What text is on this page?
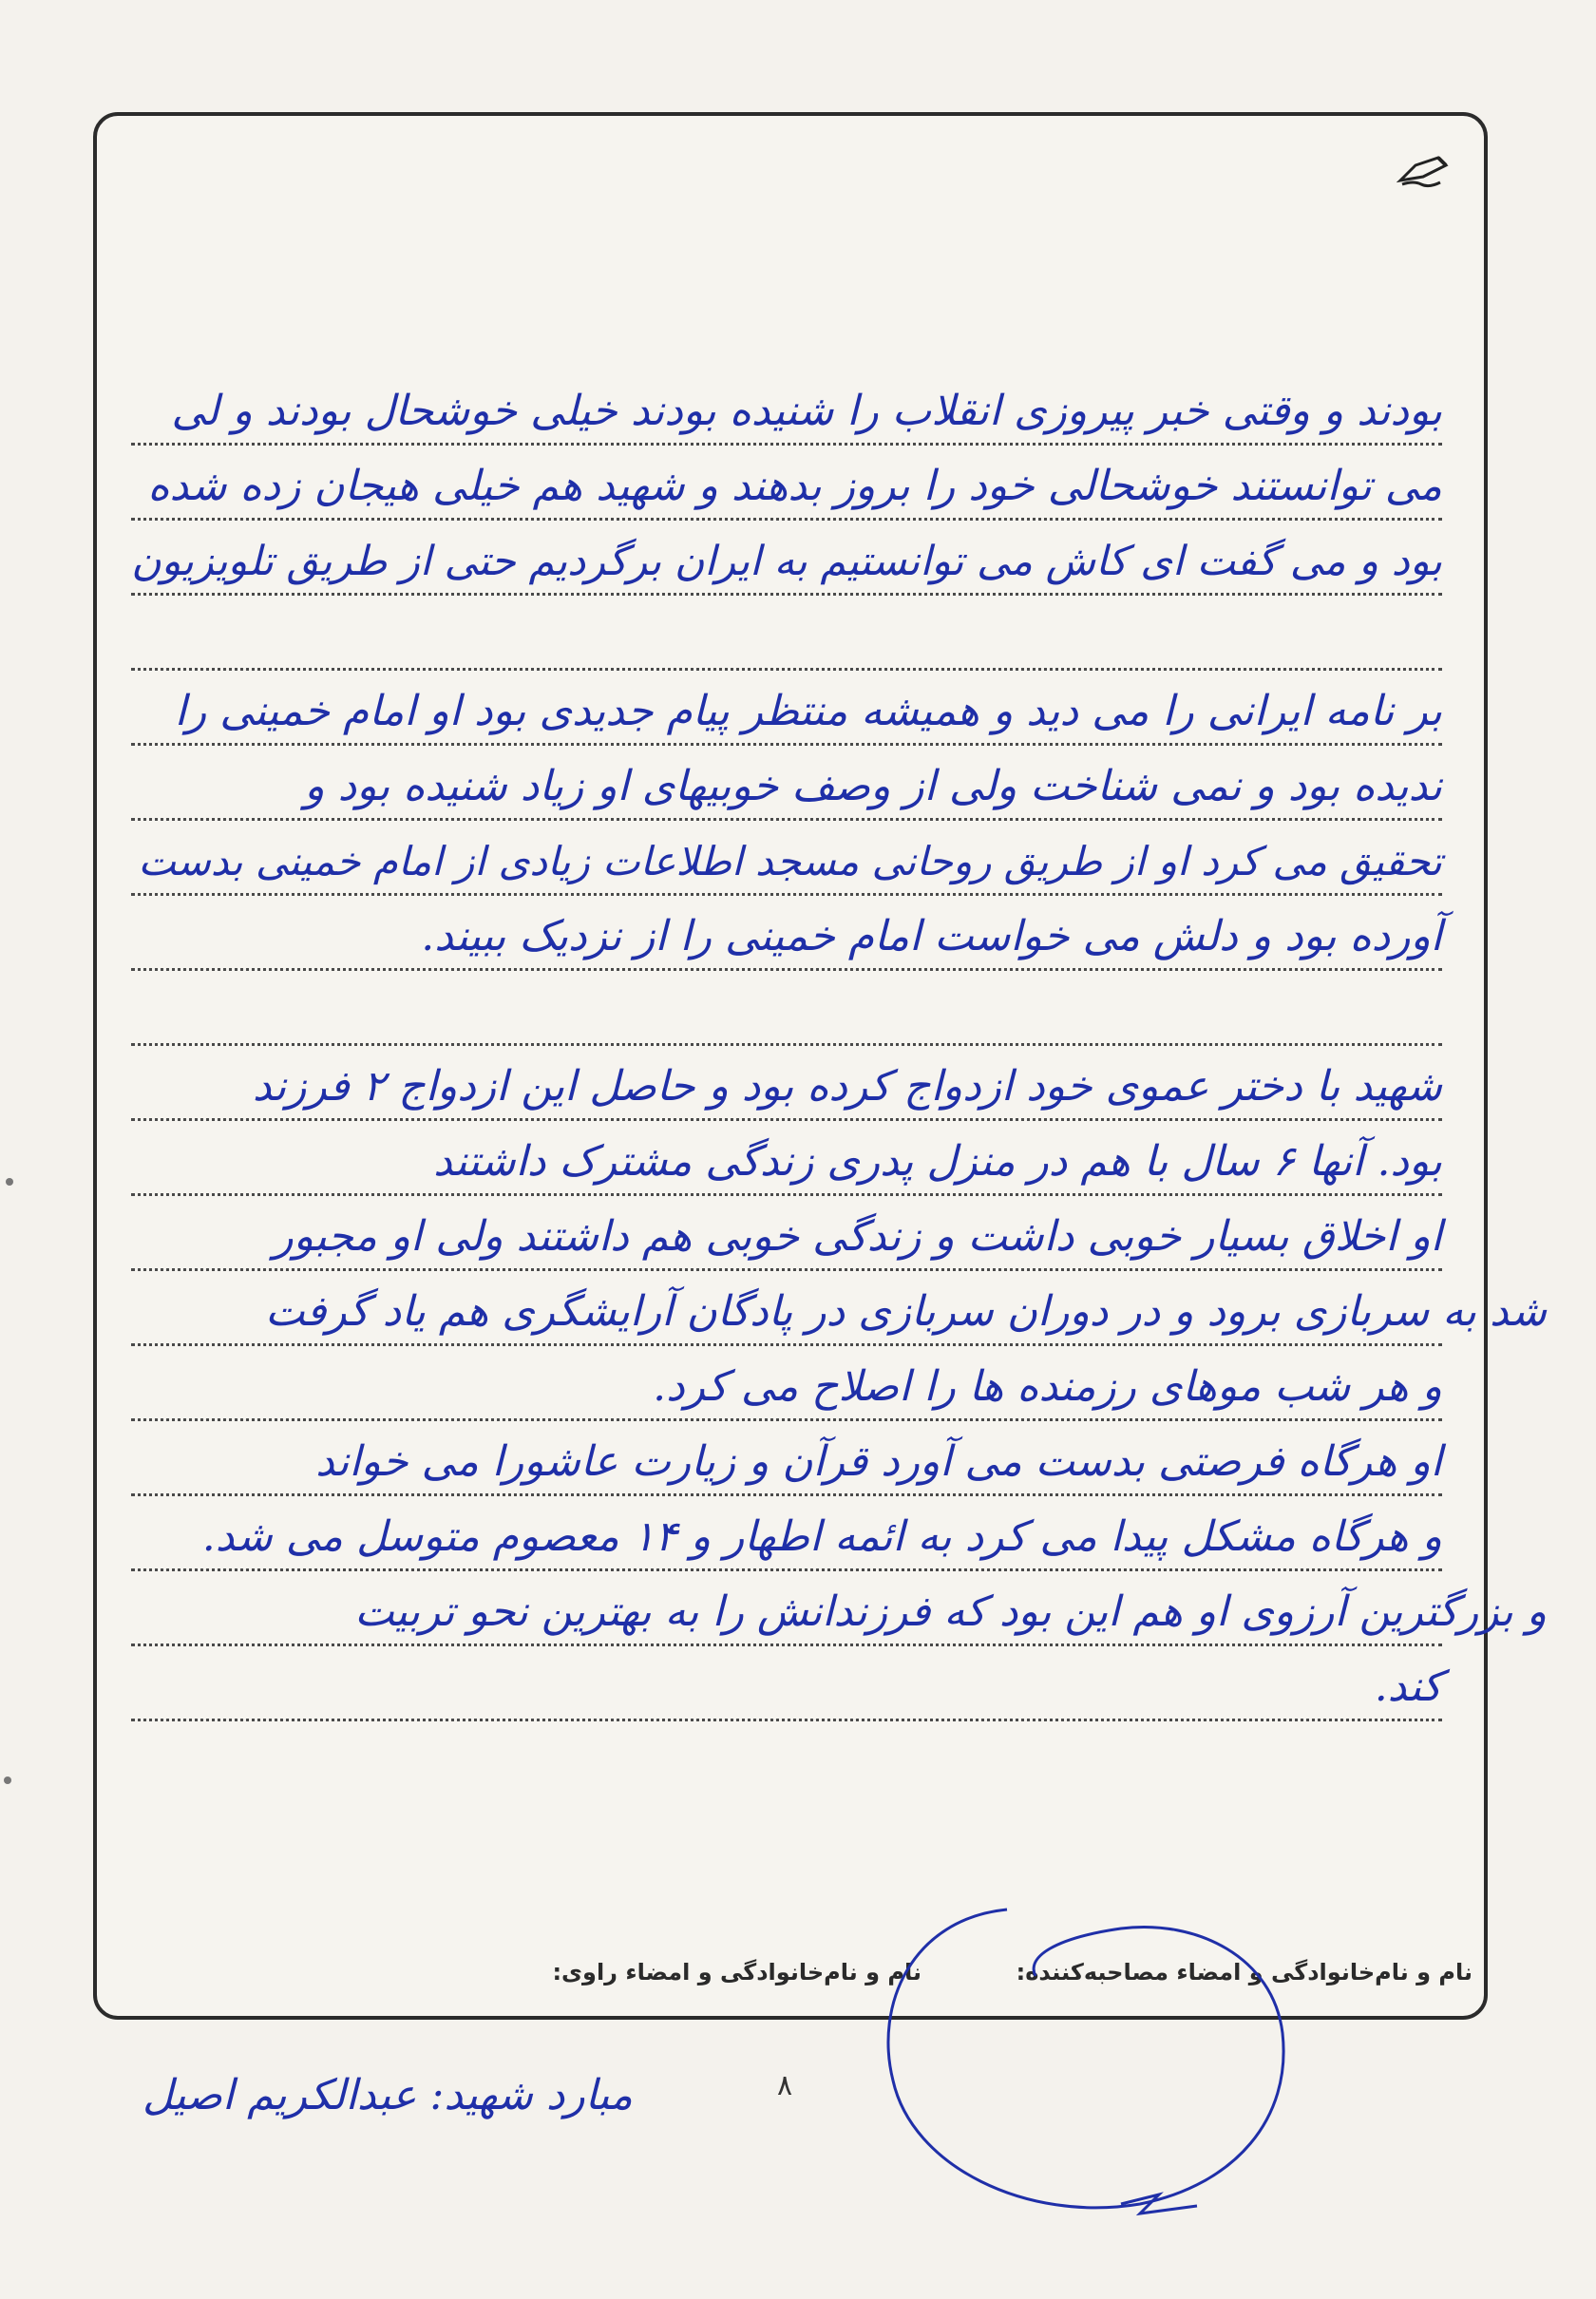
بودند و وقتی خبر پیروزی انقلاب را شنیده بودند خیلی خوشحال بودند و لی
می توانستند خوشحالی خود را بروز بدهند و شهید هم خیلی هیجان زده شده
بود و می گفت ای کاش می توانستیم به ایران برگردیم حتی از طریق تلویزیون
بر نامه ایرانی را می دید و همیشه منتظر پیام جدیدی بود او امام خمینی را
ندیده بود و نمی شناخت ولی از وصف خوبیهای او زیاد شنیده بود و
تحقیق می کرد او از طریق روحانی مسجد اطلاعات زیادی از امام خمینی بدست
آورده بود و دلش می خواست امام خمینی را از نزدیک ببیند.
شهید با دختر عموی خود ازدواج کرده بود و حاصل این ازدواج ۲ فرزند
بود. آنها ۶ سال با هم در منزل پدری زندگی مشترک داشتند
او اخلاق بسیار خوبی داشت و زندگی خوبی هم داشتند ولی او مجبور
شد به سربازی برود و در دوران سربازی در پادگان آرایشگری هم یاد گرفت
و هر شب موهای رزمنده ها را اصلاح می کرد.
او هرگاه فرصتی بدست می آورد قرآن و زیارت عاشورا می خواند
و هرگاه مشکل پیدا می کرد به ائمه اطهار و ۱۴ معصوم متوسل می شد.
و بزرگترین آرزوی او هم این بود که فرزندانش را به بهترین نحو تربیت
کند.
نام و نام‌خانوادگی و امضاء مصاحبه‌کننده:
نام و نام‌خانوادگی و امضاء راوی:
۸
مبارد شهید: عبدالکریم اصیل
